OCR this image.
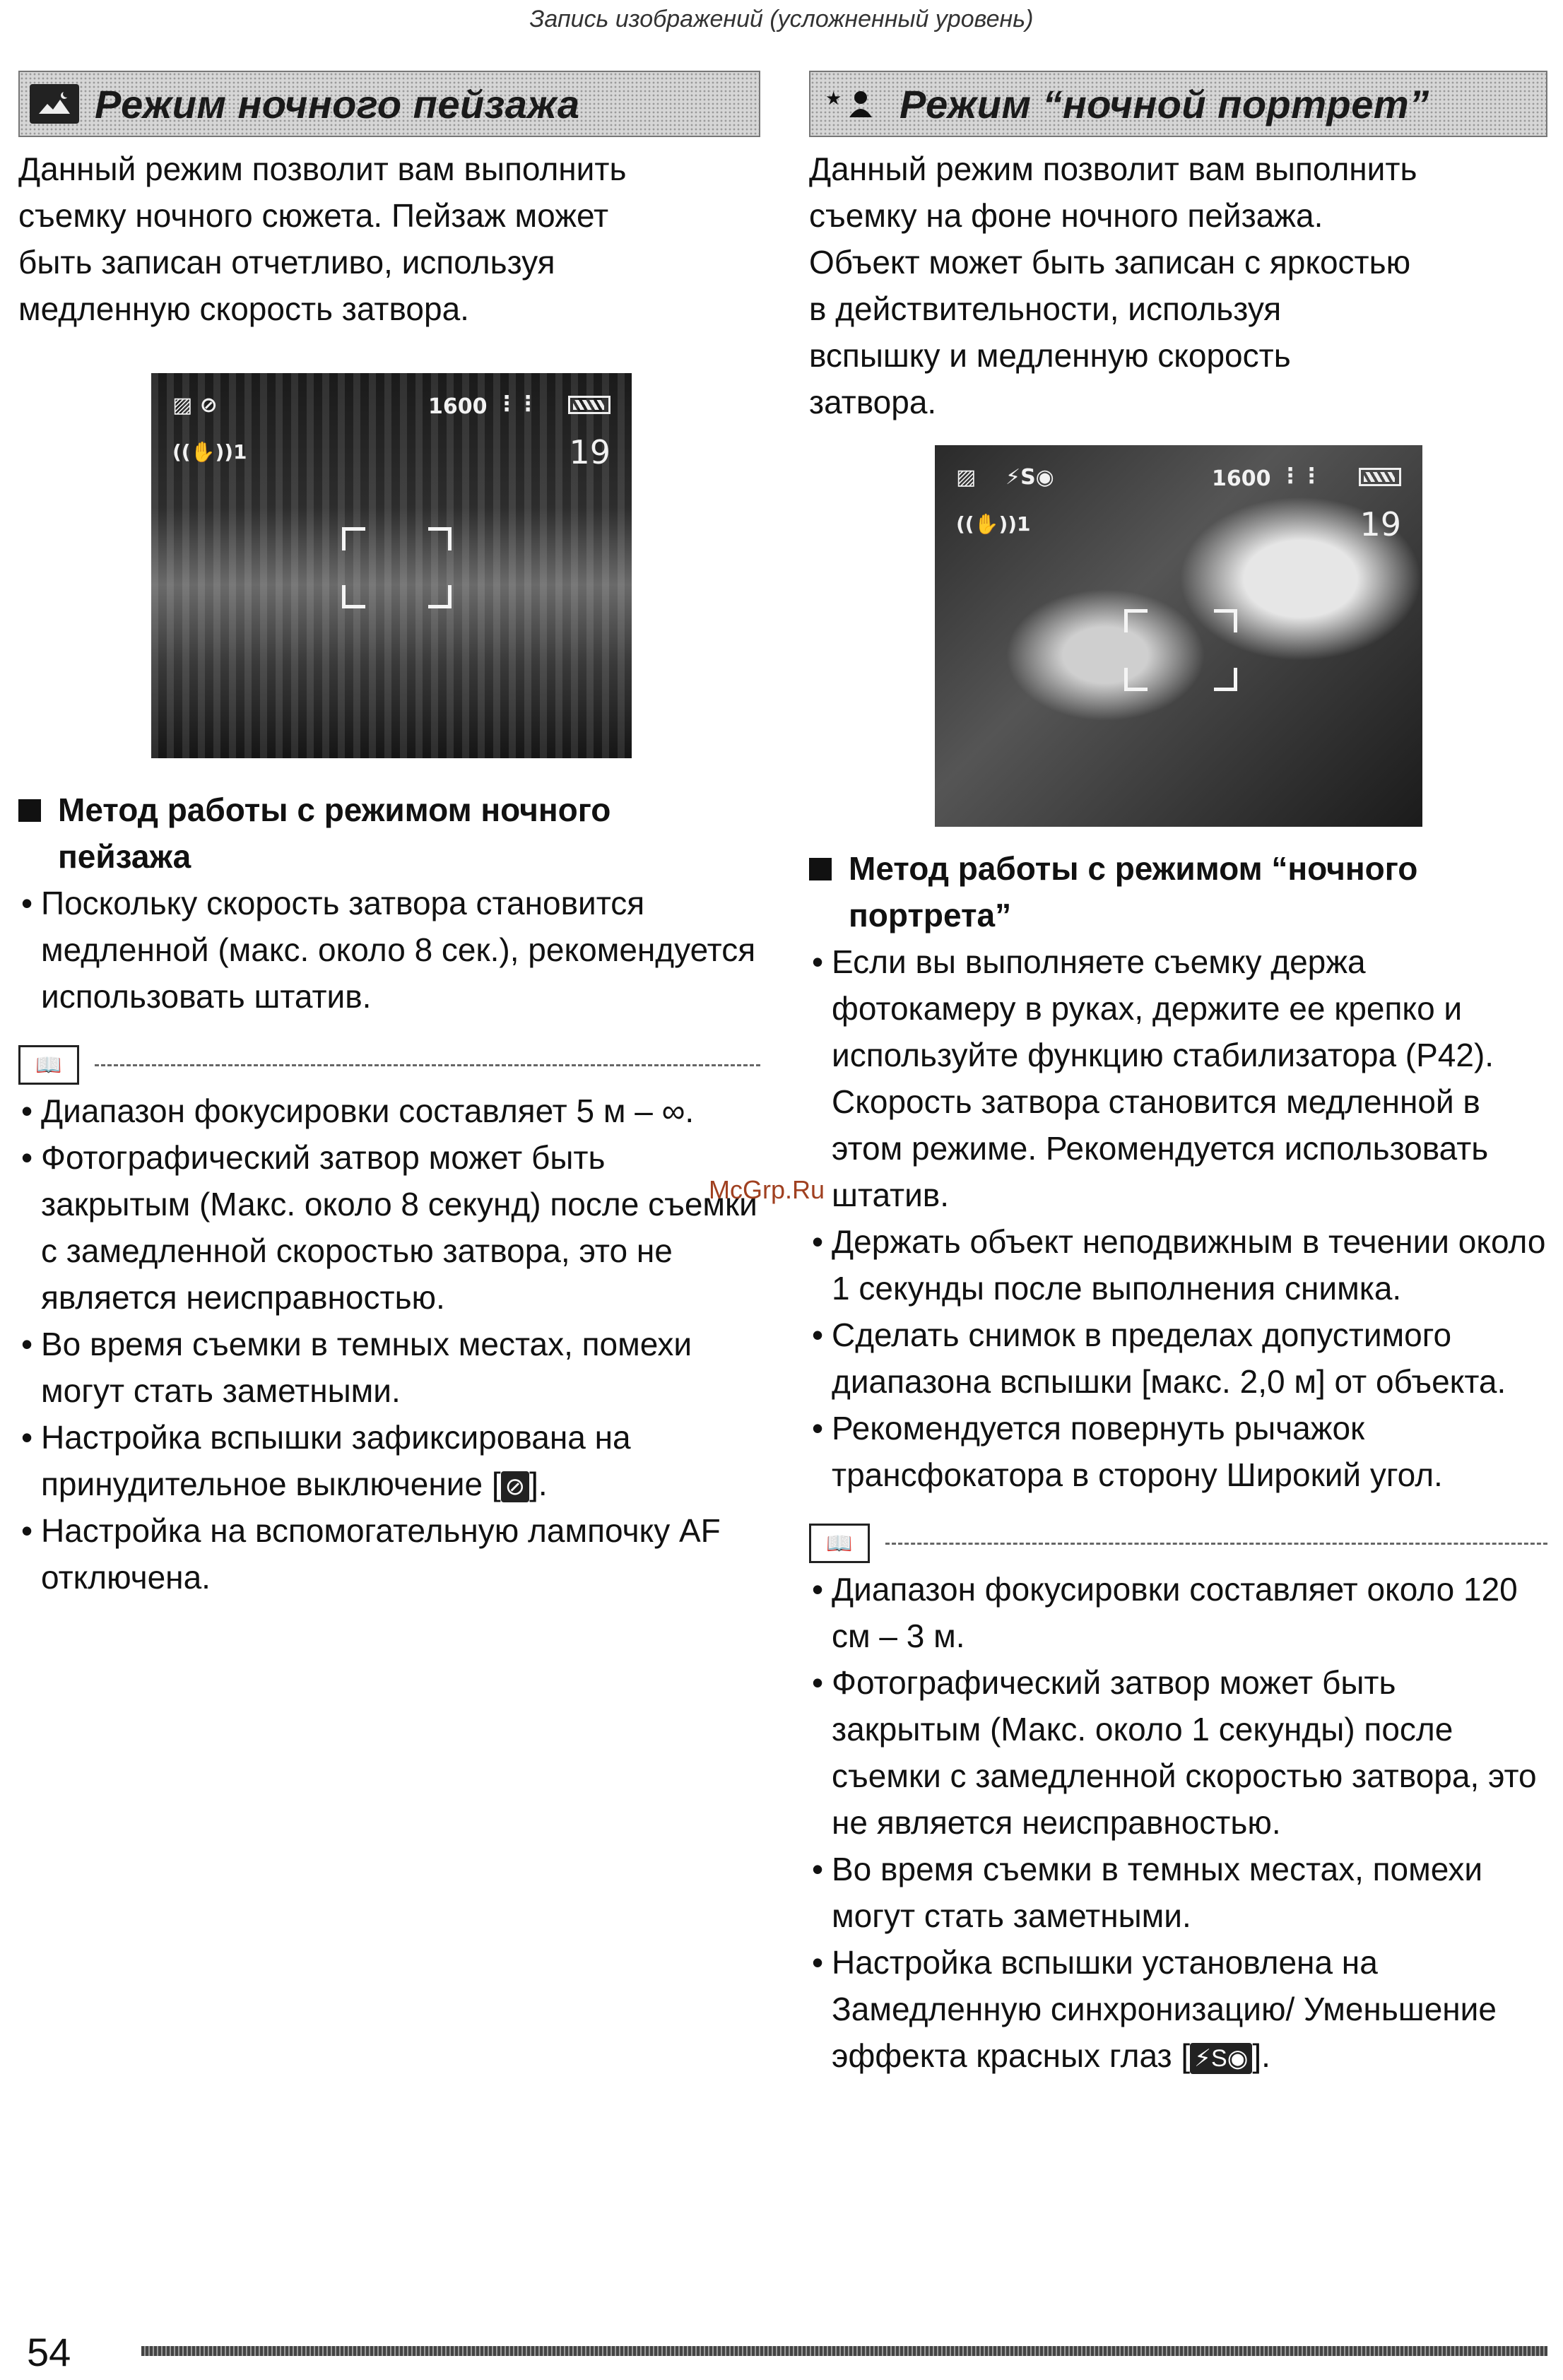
Запись изображений (усложненный уровень)
Режим ночного пейзажа

Данный режим позволит вам выполнить
съемку ночного сюжета. Пейзаж может
быть записан отчетливо, используя
медленную скорость затвора.

▨ ⊘
((✋))1
1600 ⋮⋮
19
Метод работы с режимом ночного
пейзажа
• Поскольку скорость затвора становится медленной (макс. около 8 сек.), рекомендуется использовать штатив.
📖
• Диапазон фокусировки составляет 5 м – ∞.
• Фотографический затвор может быть закрытым (Макс. около 8 секунд) после съемки с замедленной скоростью затвора, это не является неисправностью.
• Во время съемки в темных местах, помехи могут стать заметными.
• Настройка вспышки зафиксирована на принудительное выключение [ ⊘ ].
• Настройка на вспомогательную лампочку AF отключена.
★ Режим “ночной портрет”

Данный режим позволит вам выполнить
съемку на фоне ночного пейзажа.
Объект может быть записан с яркостью
в действительности, используя
вспышку и медленную скорость
затвора.

⚡S◉
▨
((✋))1
1600 ⋮⋮
19
Метод работы с режимом “ночного
портрета”
• Если вы выполняете съемку держа фотокамеру в руках, держите ее крепко и используйте функцию стабилизатора (P42).
Скорость затвора становится медленной в этом режиме. Рекомендуется использовать штатив.
• Держать объект неподвижным в течении около 1 секунды после выполнения снимка.
• Сделать снимок в пределах допустимого диапазона вспышки [макс. 2,0 м] от объекта.
• Рекомендуется повернуть рычажок трансфокатора в сторону Широкий угол.
📖
• Диапазон фокусировки составляет около 120 см – 3 м.
• Фотографический затвор может быть закрытым (Макс. около 1 секунды) после съемки с замедленной скоростью затвора, это не является неисправностью.
• Во время съемки в темных местах, помехи могут стать заметными.
• Настройка вспышки установлена на Замедленную синхронизацию/ Уменьшение эффекта красных глаз [ ⚡S◉ ].
McGrp.Ru
54
